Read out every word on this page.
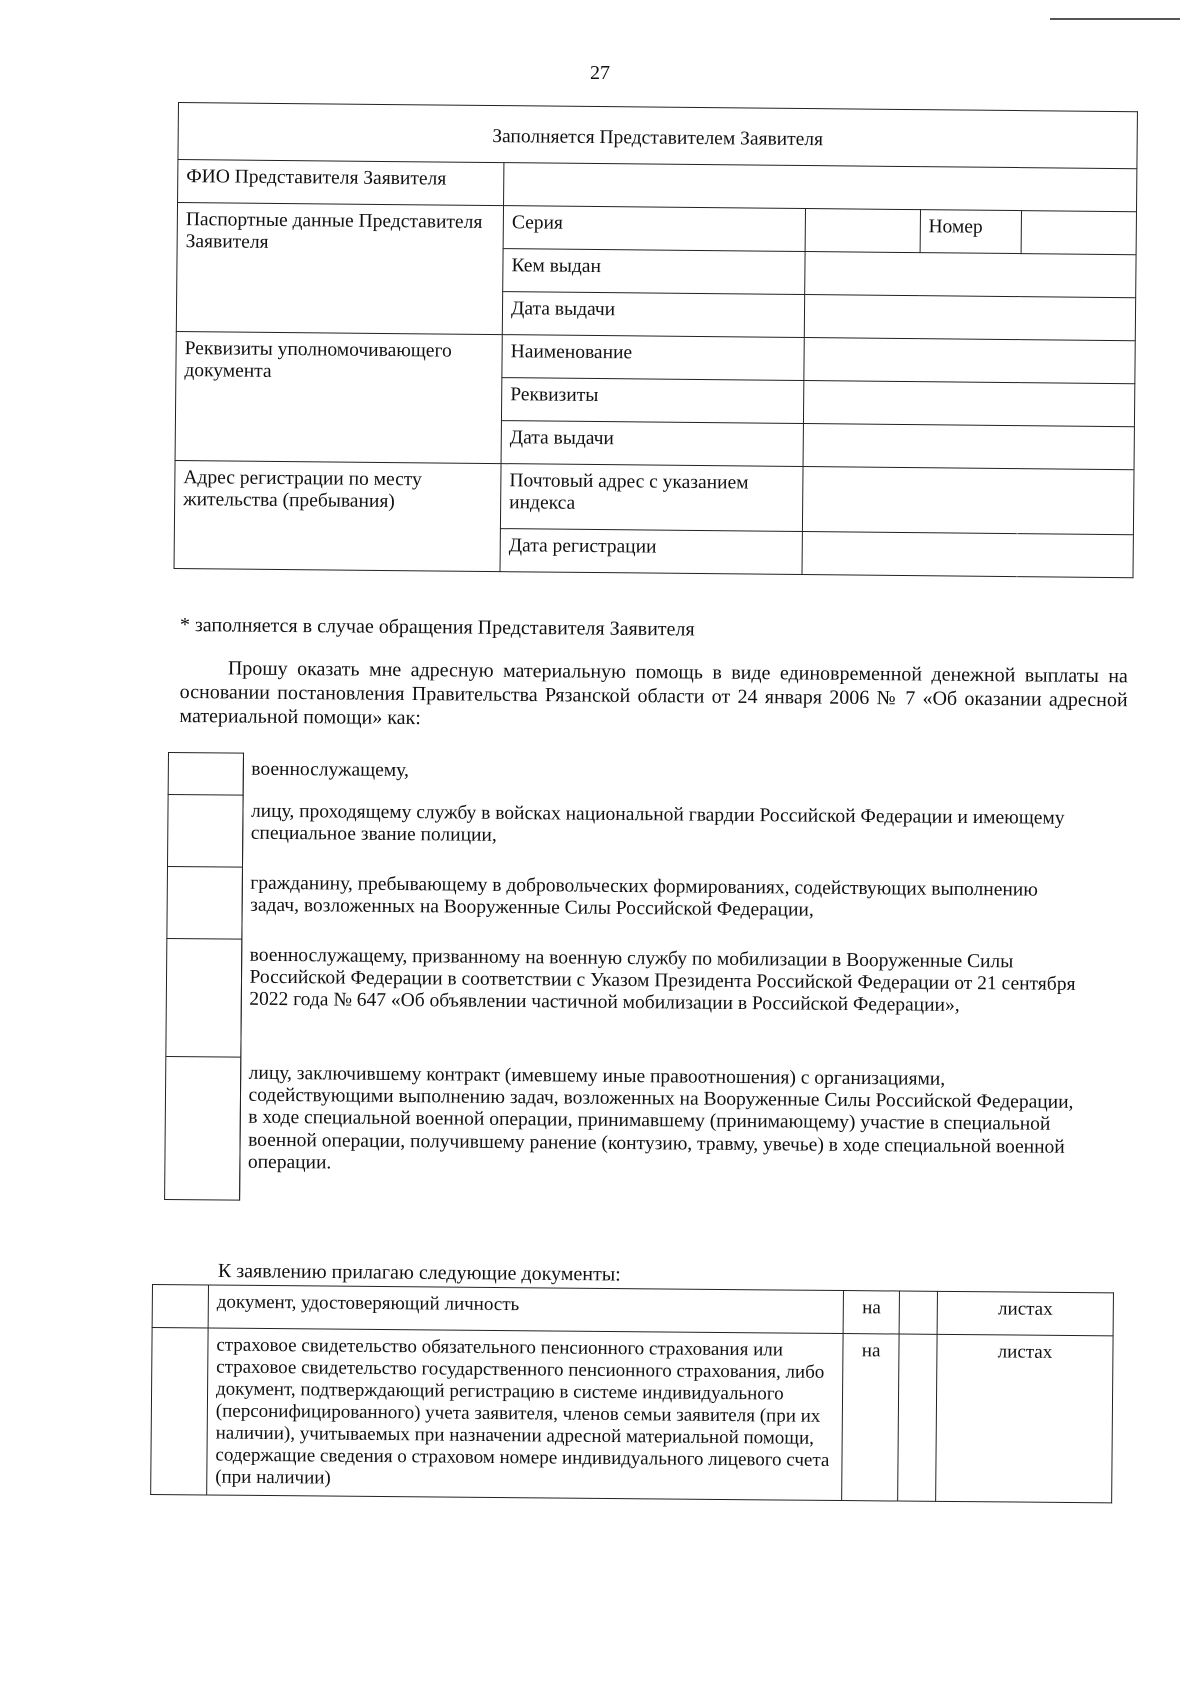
27
Заполняется Представителем Заявителя				
ФИО Представителя Заявителя				
Паспортные данные Представителя Заявителя	Серия		Номер	
	Кем выдан			
	Дата выдачи			
Реквизиты уполномочивающего документа	Наименование			
	Реквизиты			
	Дата выдачи			
Адрес регистрации по месту жительства (пребывания)	Почтовый адрес с указанием индекса			
	Дата регистрации			
* заполняется в случае обращения Представителя Заявителя

Прошу оказать мне адресную материальную помощь в виде единовременной денежной выплаты на основании постановления Правительства Рязанской области от 24 января 2006 № 7 «Об оказании адресной материальной помощи» как:

военнослужащему,
лицу, проходящему службу в войсках национальной гвардии Российской Федерации и имеющему специальное звание полиции,
гражданину, пребывающему в добровольческих формированиях, содействующих выполнению задач, возложенных на Вооруженные Силы Российской Федерации,
военнослужащему, призванному на военную службу по мобилизации в Вооруженные Силы Российской Федерации в соответствии с Указом Президента Российской Федерации от 21 сентября 2022 года № 647 «Об объявлении частичной мобилизации в Российской Федерации»,
лицу, заключившему контракт (имевшему иные правоотношения) с организациями, содействующими выполнению задач, возложенных на Вооруженные Силы Российской Федерации, в ходе специальной военной операции, принимавшему (принимающему) участие в специальной военной операции, получившему ранение (контузию, травму, увечье) в ходе специальной военной операции.
К заявлению прилагаю следующие документы:
	документ, удостоверяющий личность	на		листах
	страховое свидетельство обязательного пенсионного страхования или страховое свидетельство государственного пенсионного страхования, либо документ, подтверждающий регистрацию в системе индивидуального (персонифицированного) учета заявителя, членов семьи заявителя (при их наличии), учитываемых при назначении адресной материальной помощи, содержащие сведения о страховом номере индивидуального лицевого счета (при наличии)	на		листах
